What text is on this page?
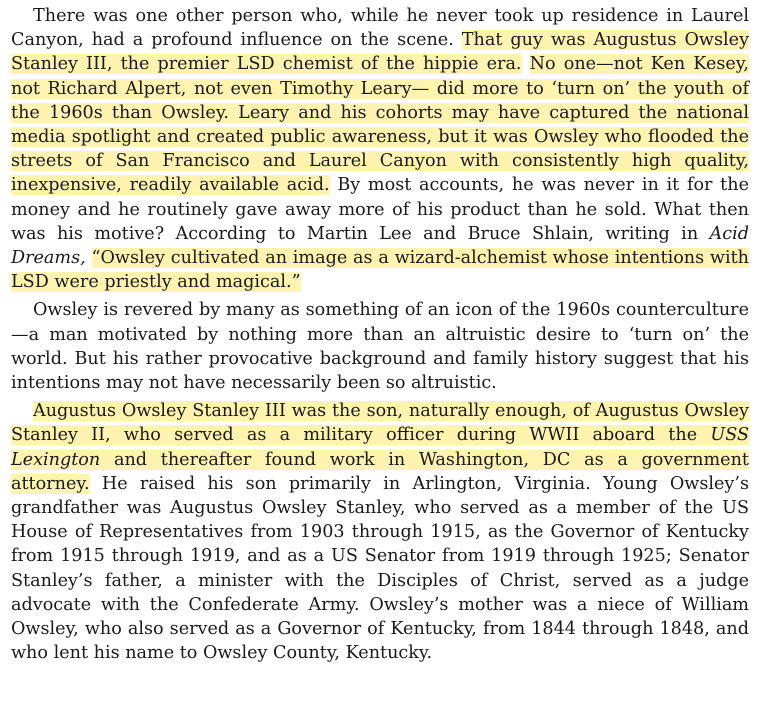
There was one other person who, while he never took up residence in Laurel Canyon, had a profound influence on the scene. That guy was Augustus Owsley Stanley III, the premier LSD chemist of the hippie era. No one—not Ken Kesey, not Richard Alpert, not even Timothy Leary— did more to ‘turn on’ the youth of the 1960s than Owsley. Leary and his cohorts may have captured the national media spotlight and created public awareness, but it was Owsley who flooded the streets of San Francisco and Laurel Canyon with consistently high quality, inexpensive, readily available acid. By most accounts, he was never in it for the money and he routinely gave away more of his product than he sold. What then was his motive? According to Martin Lee and Bruce Shlain, writing in Acid Dreams, “Owsley cultivated an image as a wizard-alchemist whose intentions with LSD were priestly and magical.”

Owsley is revered by many as something of an icon of the 1960s counterculture—a man motivated by nothing more than an altruistic desire to ‘turn on’ the world. But his rather provocative background and family history suggest that his intentions may not have necessarily been so altruistic.

Augustus Owsley Stanley III was the son, naturally enough, of Augustus Owsley Stanley II, who served as a military officer during WWII aboard the USS Lexington and thereafter found work in Washington, DC as a government attorney. He raised his son primarily in Arlington, Virginia. Young Owsley’s grandfather was Augustus Owsley Stanley, who served as a member of the US House of Representatives from 1903 through 1915, as the Governor of Kentucky from 1915 through 1919, and as a US Senator from 1919 through 1925; Senator Stanley’s father, a minister with the Disciples of Christ, served as a judge advocate with the Confederate Army. Owsley’s mother was a niece of William Owsley, who also served as a Governor of Kentucky, from 1844 through 1848, and who lent his name to Owsley County, Kentucky.
